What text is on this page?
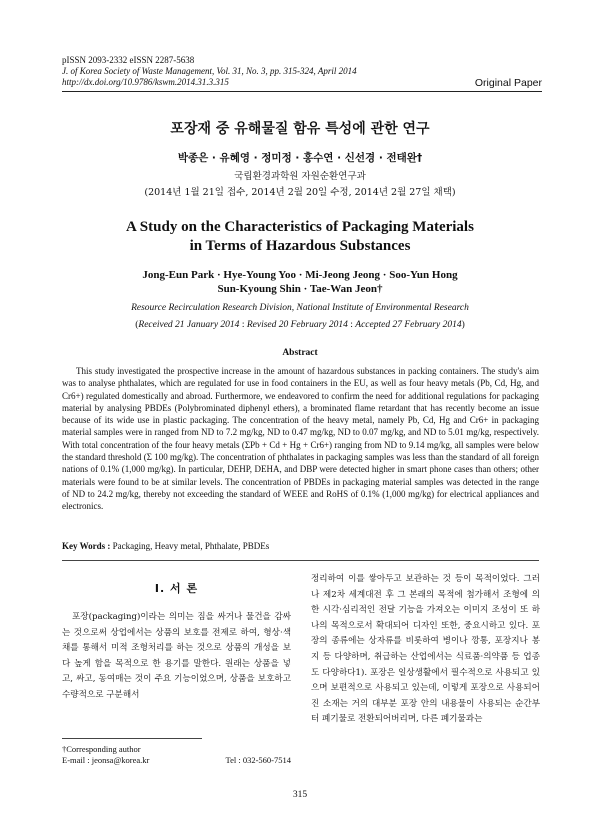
pISSN 2093-2332 eISSN 2287-5638
J. of Korea Society of Waste Management, Vol. 31, No. 3, pp. 315-324, April 2014
http://dx.doi.org/10.9786/kswm.2014.31.3.315	Original Paper
포장재 중 유해물질 함유 특성에 관한 연구
박종은 · 유혜영 · 정미정 · 홍수연 · 신선경 · 전태완†
국립환경과학원 자원순환연구과
(2014년 1월 21일 접수, 2014년 2월 20일 수정, 2014년 2월 27일 채택)
A Study on the Characteristics of Packaging Materials
in Terms of Hazardous Substances
Jong-Eun Park · Hye-Young Yoo · Mi-Jeong Jeong · Soo-Yun Hong
Sun-Kyoung Shin · Tae-Wan Jeon†
Resource Recirculation Research Division, National Institute of Environmental Research
(Received 21 January 2014 : Revised 20 February 2014 : Accepted 27 February 2014)
Abstract

This study investigated the prospective increase in the amount of hazardous substances in packing containers. The study's aim was to analyse phthalates, which are regulated for use in food containers in the EU, as well as four heavy metals (Pb, Cd, Hg, and Cr6+) regulated domestically and abroad. Furthermore, we endeavored to confirm the need for additional regulations for packaging material by analysing PBDEs (Polybrominated diphenyl ethers), a brominated flame retardant that has recently become an issue because of its wide use in plastic packaging. The concentration of the heavy metal, namely Pb, Cd, Hg and Cr6+ in packaging material samples were in ranged from ND to 7.2 mg/kg, ND to 0.47 mg/kg, ND to 0.07 mg/kg, and ND to 5.01 mg/kg, respectively. With total concentration of the four heavy metals (ΣPb + Cd + Hg + Cr6+) ranging from ND to 9.14 mg/kg, all samples were below the standard threshold (Σ 100 mg/kg). The concentration of phthalates in packaging samples was less than the standard of all foreign nations of 0.1% (1,000 mg/kg). In particular, DEHP, DEHA, and DBP were detected higher in smart phone cases than others; other materials were found to be at similar levels. The concentration of PBDEs in packaging material samples was detected in the range of ND to 24.2 mg/kg, thereby not exceeding the standard of WEEE and RoHS of 0.1% (1,000 mg/kg) for electrical appliances and electronics.

Key Words : Packaging, Heavy metal, Phthalate, PBDEs
I. 서 론

포장(packaging)이라는 의미는 짐을 싸거나 물건을 감싸는 것으로써 상업에서는 상품의 보호를 전제로 하여, 형상·색채를 통해서 미적 조형처리를 하는 것으로 상품의 개성을 보다 높게 함을 목적으로 한 용기를 말한다. 원래는 상품을 넣고, 싸고, 동여매는 것이 주요 기능이었으며, 상품을 보호하고 수량적으로 구분해서

정리하여 이를 쌓아두고 보관하는 것 등이 목적이었다. 그러나 제2차 세계대전 후 그 본래의 목적에 첨가해서 조형에 의한 시각·심리적인 전달 기능을 가져오는 이미지 조성이 또 하나의 목적으로서 확대되어 디자인 또한, 중요시하고 있다. 포장의 종류에는 상자류를 비롯하여 병이나 깡통, 포장지나 봉지 등 다양하며, 취급하는 산업에서는 식료품·의약품 등 업종도 다양하다1). 포장은 일상생활에서 필수적으로 사용되고 있으며 보편적으로 사용되고 있는데, 이렇게 포장으로 사용되어진 소재는 거의 대부분 포장 안의 내용물이 사용되는 순간부터 폐기물로 전환되어버리며, 다른 폐기물과는

†Corresponding author
E-mail : jeonsa@korea.kr	Tel : 032-560-7514
315
